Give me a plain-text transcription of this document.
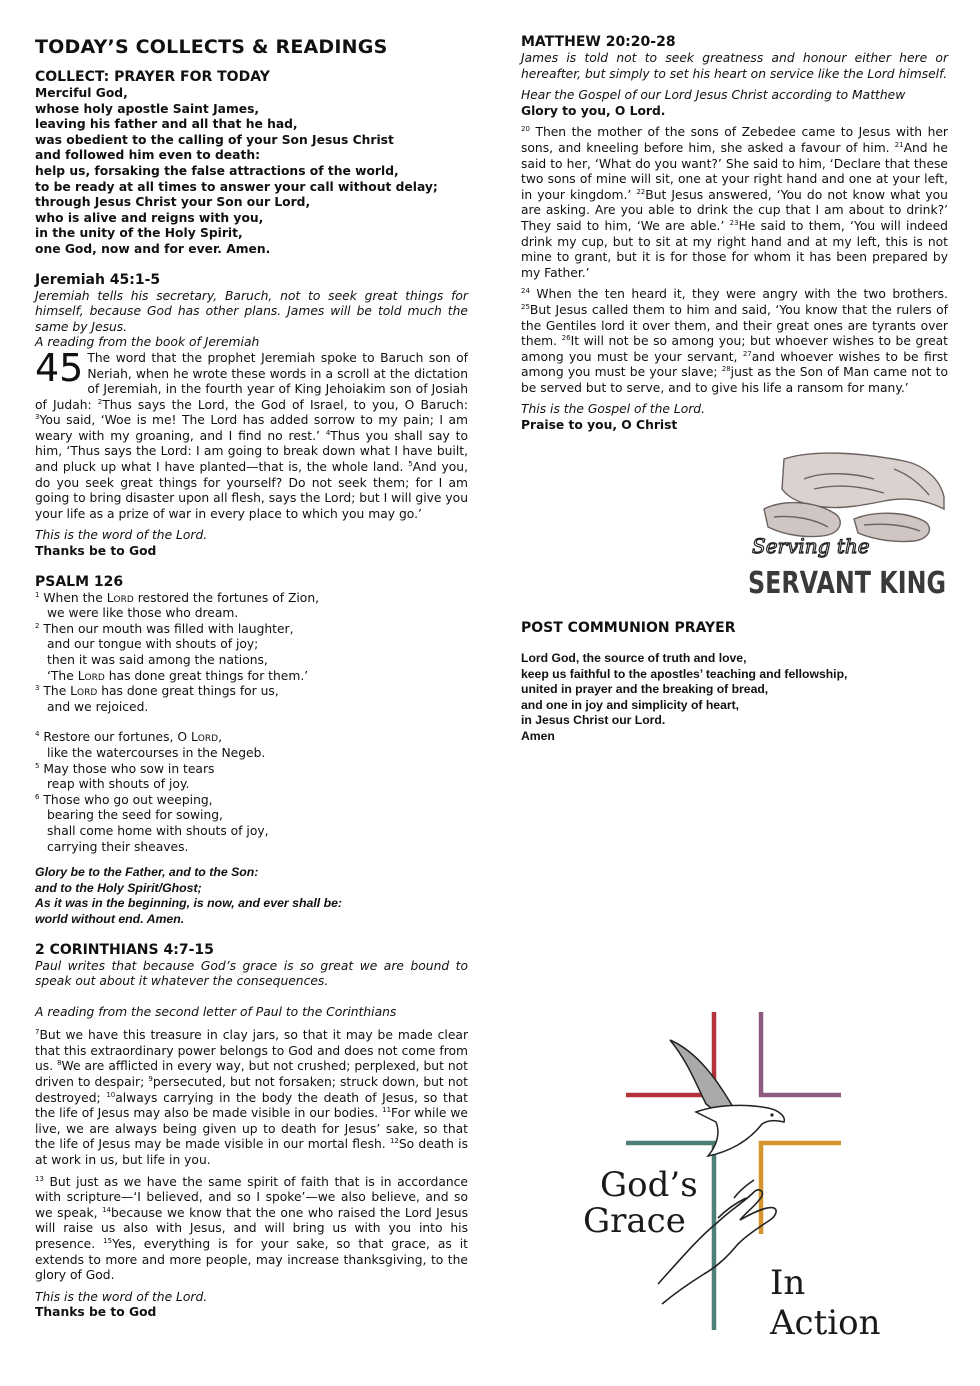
TODAY’S COLLECTS & READINGS
COLLECT: PRAYER FOR TODAY

Merciful God,
whose holy apostle Saint James,
leaving his father and all that he had,
was obedient to the calling of your Son Jesus Christ
and followed him even to death:
help us, forsaking the false attractions of the world,
to be ready at all times to answer your call without delay;
through Jesus Christ your Son our Lord,
who is alive and reigns with you,
in the unity of the Holy Spirit,
one God, now and for ever. Amen.

Jeremiah 45:1-5

Jeremiah tells his secretary, Baruch, not to seek great things for himself, because God has other plans. James will be told much the same by Jesus.

A reading from the book of Jeremiah

45 The word that the prophet Jeremiah spoke to Baruch son of Neriah, when he wrote these words in a scroll at the dictation of Jeremiah, in the fourth year of King Jehoiakim son of Josiah of Judah: $^2$Thus says the Lord, the God of Israel, to you, O Baruch: $^3$You said, ‘Woe is me! The Lord has added sorrow to my pain; I am weary with my groaning, and I find no rest.’ $^4$Thus you shall say to him, ‘Thus says the Lord: I am going to break down what I have built, and pluck up what I have planted—that is, the whole land. $^5$And you, do you seek great things for yourself? Do not seek them; for I am going to bring disaster upon all flesh, says the Lord; but I will give you your life as a prize of war in every place to which you may go.’

This is the word of the Lord.

Thanks be to God

PSALM 126
$^1$ When the Lord restored the fortunes of Zion,
we were like those who dream.
$^2$ Then our mouth was filled with laughter,
and our tongue with shouts of joy;
then it was said among the nations,
‘The Lord has done great things for them.’
$^3$ The Lord has done great things for us,
and we rejoiced.
$^4$ Restore our fortunes, O Lord,
like the watercourses in the Negeb.
$^5$ May those who sow in tears
reap with shouts of joy.
$^6$ Those who go out weeping,
bearing the seed for sowing,
shall come home with shouts of joy,
carrying their sheaves.

Glory be to the Father, and to the Son:
and to the Holy Spirit/Ghost;
As it was in the beginning, is now, and ever shall be:
world without end. Amen.

2 CORINTHIANS 4:7-15

Paul writes that because God’s grace is so great we are bound to speak out about it whatever the consequences.

A reading from the second letter of Paul to the Corinthians

$^7$But we have this treasure in clay jars, so that it may be made clear that this extraordinary power belongs to God and does not come from us. $^8$We are afflicted in every way, but not crushed; perplexed, but not driven to despair; $^9$persecuted, but not forsaken; struck down, but not destroyed; $^{10}$always carrying in the body the death of Jesus, so that the life of Jesus may also be made visible in our bodies. $^{11}$For while we live, we are always being given up to death for Jesus’ sake, so that the life of Jesus may be made visible in our mortal flesh. $^{12}$So death is at work in us, but life in you.

$^{13}$ But just as we have the same spirit of faith that is in accordance with scripture—‘I believed, and so I spoke’—we also believe, and so we speak, $^{14}$because we know that the one who raised the Lord Jesus will raise us also with Jesus, and will bring us with you into his presence. $^{15}$Yes, everything is for your sake, so that grace, as it extends to more and more people, may increase thanksgiving, to the glory of God.

This is the word of the Lord.

Thanks be to God

MATTHEW 20:20-28

James is told not to seek greatness and honour either here or hereafter, but simply to set his heart on service like the Lord himself.

Hear the Gospel of our Lord Jesus Christ according to Matthew

Glory to you, O Lord.

$^{20}$ Then the mother of the sons of Zebedee came to Jesus with her sons, and kneeling before him, she asked a favour of him. $^{21}$And he said to her, ‘What do you want?’ She said to him, ‘Declare that these two sons of mine will sit, one at your right hand and one at your left, in your kingdom.’ $^{22}$But Jesus answered, ‘You do not know what you are asking. Are you able to drink the cup that I am about to drink?’ They said to him, ‘We are able.’ $^{23}$He said to them, ‘You will indeed drink my cup, but to sit at my right hand and at my left, this is not mine to grant, but it is for those for whom it has been prepared by my Father.’

$^{24}$ When the ten heard it, they were angry with the two brothers. $^{25}$But Jesus called them to him and said, ‘You know that the rulers of the Gentiles lord it over them, and their great ones are tyrants over them. $^{26}$It will not be so among you; but whoever wishes to be great among you must be your servant, $^{27}$and whoever wishes to be first among you must be your slave; $^{28}$just as the Son of Man came not to be served but to serve, and to give his life a ransom for many.’

This is the Gospel of the Lord.

Praise to you, O Christ

POST COMMUNION PRAYER

Lord God, the source of truth and love,
keep us faithful to the apostles’ teaching and fellowship,
united in prayer and the breaking of bread,
and one in joy and simplicity of heart,
in Jesus Christ our Lord.
Amen

Serving the
SERVANT KING
God’s
Grace
In
Action
